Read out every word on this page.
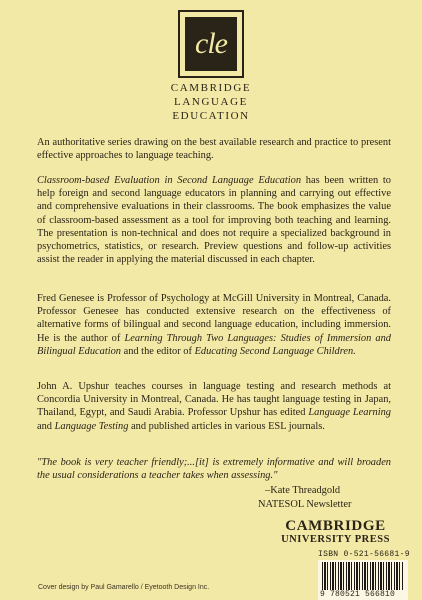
cle
CAMBRIDGE
LANGUAGE
EDUCATION

An authoritative series drawing on the best available research and practice to present effective approaches to language teaching.

Classroom-based Evaluation in Second Language Education has been written to help foreign and second language educators in planning and carrying out effective and comprehensive evaluations in their classrooms. The book emphasizes the value of classroom-based assessment as a tool for improving both teaching and learning. The presentation is non-technical and does not require a specialized background in psychometrics, statistics, or research. Preview questions and follow-up activities assist the reader in applying the material discussed in each chapter.

Fred Genesee is Professor of Psychology at McGill University in Montreal, Canada. Professor Genesee has conducted extensive research on the effectiveness of alternative forms of bilingual and second language education, including immersion. He is the author of Learning Through Two Languages: Studies of Immersion and Bilingual Education and the editor of Educating Second Language Children.

John A. Upshur teaches courses in language testing and research methods at Concordia University in Montreal, Canada. He has taught language testing in Japan, Thailand, Egypt, and Saudi Arabia. Professor Upshur has edited Language Learning and Language Testing and published articles in various ESL journals.

"The book is very teacher friendly;...[it] is extremely informative and will broaden the usual considerations a teacher takes when assessing."

–Kate Threadgold
NATESOL Newsletter
CAMBRIDGE
UNIVERSITY PRESS
ISBN 0-521-56681-9
9 780521 566810
Cover design by Paul Gamarello / Eyetooth Design Inc.
